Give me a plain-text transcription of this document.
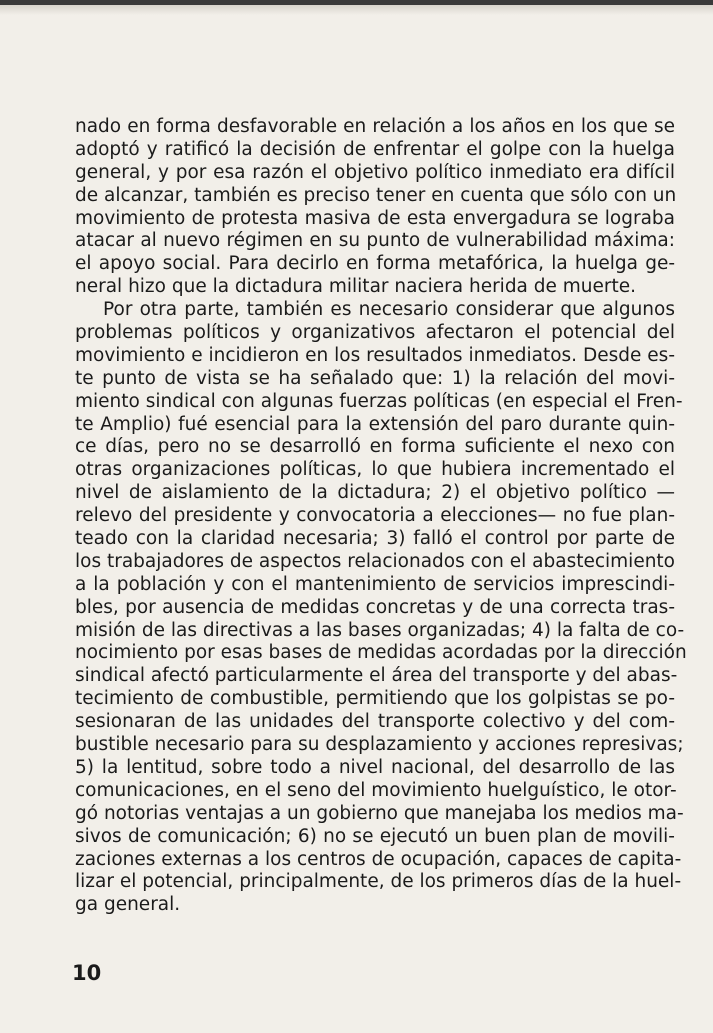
nado en forma desfavorable en relación a los años en los que se
adoptó y ratificó la decisión de enfrentar el golpe con la huelga
general, y por esa razón el objetivo político inmediato era difícil
de alcanzar, también es preciso tener en cuenta que sólo con un
movimiento de protesta masiva de esta envergadura se lograba
atacar al nuevo régimen en su punto de vulnerabilidad máxima:
el apoyo social. Para decirlo en forma metafórica, la huelga ge-
neral hizo que la dictadura militar naciera herida de muerte.
Por otra parte, también es necesario considerar que algunos
problemas políticos y organizativos afectaron el potencial del
movimiento e incidieron en los resultados inmediatos. Desde es-
te punto de vista se ha señalado que: 1) la relación del movi-
miento sindical con algunas fuerzas políticas (en especial el Fren-
te Amplio) fué esencial para la extensión del paro durante quin-
ce días, pero no se desarrolló en forma suficiente el nexo con
otras organizaciones políticas, lo que hubiera incrementado el
nivel de aislamiento de la dictadura; 2) el objetivo político —
relevo del presidente y convocatoria a elecciones— no fue plan-
teado con la claridad necesaria; 3) falló el control por parte de
los trabajadores de aspectos relacionados con el abastecimiento
a la población y con el mantenimiento de servicios imprescindi-
bles, por ausencia de medidas concretas y de una correcta tras-
misión de las directivas a las bases organizadas; 4) la falta de co-
nocimiento por esas bases de medidas acordadas por la dirección
sindical afectó particularmente el área del transporte y del abas-
tecimiento de combustible, permitiendo que los golpistas se po-
sesionaran de las unidades del transporte colectivo y del com-
bustible necesario para su desplazamiento y acciones represivas;
5) la lentitud, sobre todo a nivel nacional, del desarrollo de las
comunicaciones, en el seno del movimiento huelguístico, le otor-
gó notorias ventajas a un gobierno que manejaba los medios ma-
sivos de comunicación; 6) no se ejecutó un buen plan de movili-
zaciones externas a los centros de ocupación, capaces de capita-
lizar el potencial, principalmente, de los primeros días de la huel-
ga general.
10
